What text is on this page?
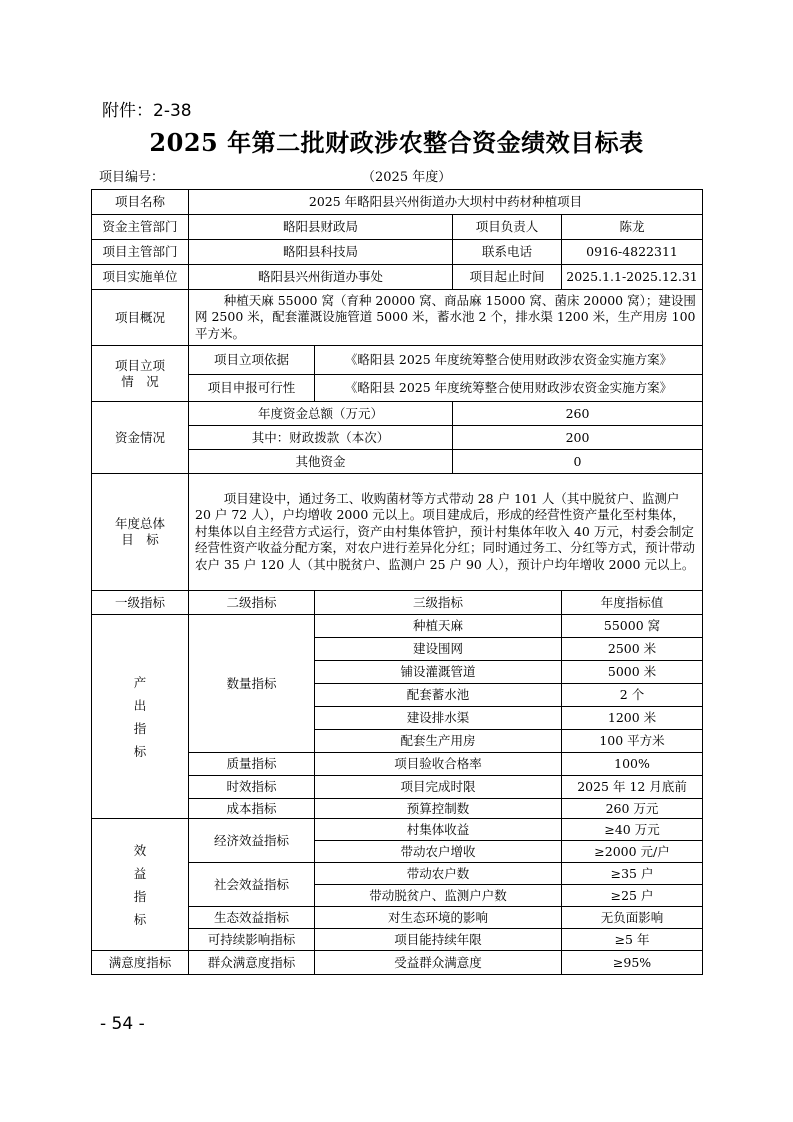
附件：2-38
2025 年第二批财政涉农整合资金绩效目标表
项目编号：	（2025 年度）
项目名称	2025 年略阳县兴州街道办大坝村中药材种植项目			
资金主管部门	略阳县财政局		项目负责人	陈龙
项目主管部门	略阳县科技局		联系电话	0916-4822311
项目实施单位	略阳县兴州街道办事处		项目起止时间	2025.1.1-2025.12.31
项目概况	种植天麻 55000 窝（育种 20000 窝、商品麻 15000 窝、菌床 20000 窝）；建设围网 2500 米，配套灌溉设施管道 5000 米，蓄水池 2 个，排水渠 1200 米，生产用房 100 平方米。			

项目立项
情　况	项目立项依据	《略阳县 2025 年度统筹整合使用财政涉农资金实施方案》		
	项目申报可行性	《略阳县 2025 年度统筹整合使用财政涉农资金实施方案》		
资金情况	年度资金总额（万元）		260	
	其中：财政拨款（本次）		200	
	其他资金		0	

年度总体
目　标	项目建设中，通过务工、收购菌材等方式带动 28 户 101 人（其中脱贫户、监测户 20 户 72 人），户均增收 2000 元以上。项目建成后，形成的经营性资产量化至村集体，村集体以自主经营方式运行，资产由村集体管护，预计村集体年收入 40 万元，村委会制定经营性资产收益分配方案，对农户进行差异化分红；同时通过务工、分红等方式，预计带动农户 35 户 120 人（其中脱贫户、监测户 25 户 90 人），预计户均年增收 2000 元以上。			
一级指标	二级指标	三级指标		年度指标值

产
出
指
标	数量指标	种植天麻		55000 窝
		建设围网		2500 米
		铺设灌溉管道		5000 米
		配套蓄水池		2 个
		建设排水渠		1200 米
		配套生产用房		100 平方米
	质量指标	项目验收合格率		100%
	时效指标	项目完成时限		2025 年 12 月底前
	成本指标	预算控制数		260 万元

效
益
指
标	经济效益指标	村集体收益		≥40 万元
		带动农户增收		≥2000 元/户
	社会效益指标	带动农户数		≥35 户
		带动脱贫户、监测户户数		≥25 户
	生态效益指标	对生态环境的影响		无负面影响
	可持续影响指标	项目能持续年限		≥5 年
满意度指标	群众满意度指标	受益群众满意度		≥95%
- 54 -
